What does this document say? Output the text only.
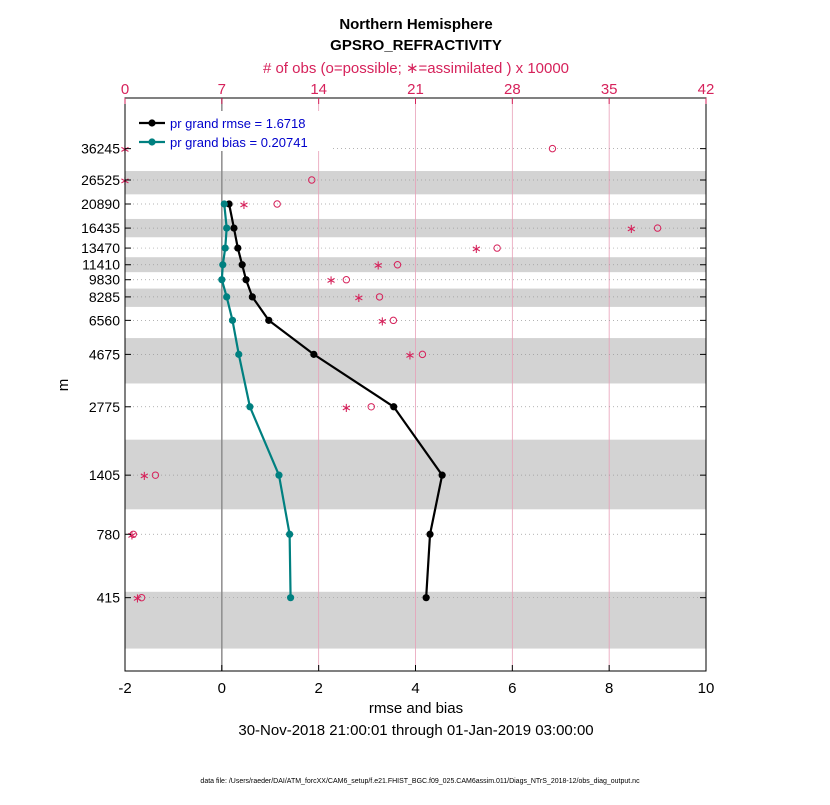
∗
∗
∗
∗
∗
∗
∗
∗
∗
∗
∗
∗
∗
∗
-2	0	2	4	6	8	10
0	7	14	21	28	35	42
415
780
1405
2775
4675
6560
8285
9830
11410
13470
16435
20890
26525
36245
Northern Hemisphere
GPSRO_REFRACTIVITY
# of obs (o=possible; ∗=assimilated ) x 10000
rmse and bias
30-Nov-2018 21:00:01 through 01-Jan-2019 03:00:00
m
data file: /Users/raeder/DAI/ATM_forcXX/CAM6_setup/f.e21.FHIST_BGC.f09_025.CAM6assim.011/Diags_NTrS_2018-12/obs_diag_output.nc
pr grand rmse = 1.6718
pr grand bias = 0.20741
